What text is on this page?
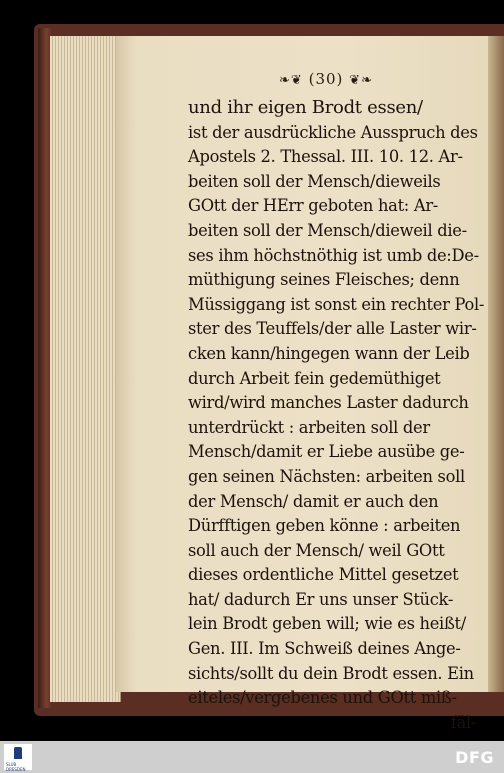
❧❦ (30) ❦❧
und ihr eigen Brodt essen/
ist der ausdrückliche Ausspruch des
Apostels 2. Thessal. III. 10. 12. Ar-
beiten soll der Mensch/dieweils
GOtt der HErr geboten hat: Ar-
beiten soll der Mensch/dieweil die-
ses ihm höchstnöthig ist umb de:De-
müthigung seines Fleisches; denn
Müssiggang ist sonst ein rechter Pol-
ster des Teuffels/der alle Laster wir-
cken kann/hingegen wann der Leib
durch Arbeit fein gedemüthiget
wird/wird manches Laster dadurch
unterdrückt : arbeiten soll der
Mensch/damit er Liebe ausübe ge-
gen seinen Nächsten: arbeiten soll
der Mensch/ damit er auch den
Dürfftigen geben könne : arbeiten
soll auch der Mensch/ weil GOtt
dieses ordentliche Mittel gesetzet
hat/ dadurch Er uns unser Stück-
lein Brodt geben will; wie es heißt/
Gen. III. Im Schweiß deines Ange-
sichts/sollt du dein Brodt essen. Ein
eiteles/vergebenes und GOtt miß-
fäl-
SLUB DRESDEN
DFG
